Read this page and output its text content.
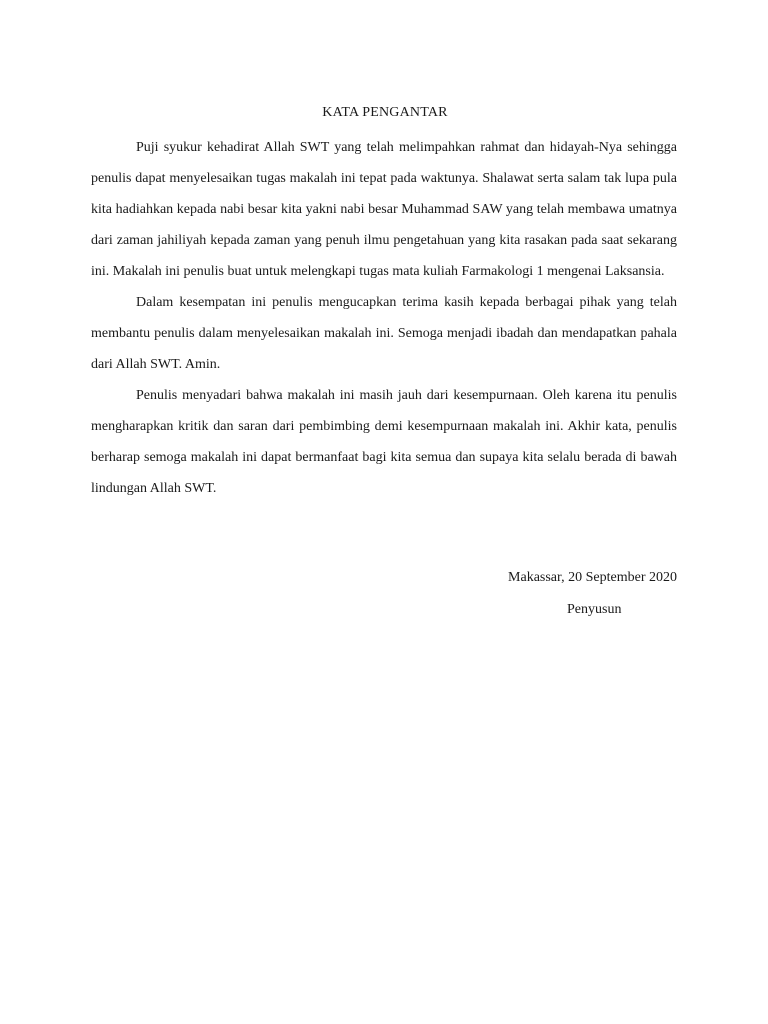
KATA PENGANTAR

Puji syukur kehadirat Allah SWT yang telah melimpahkan rahmat dan hidayah-Nya sehingga penulis dapat menyelesaikan tugas makalah ini tepat pada waktunya. Shalawat serta salam tak lupa pula kita hadiahkan kepada nabi besar kita yakni nabi besar Muhammad SAW yang telah membawa umatnya dari zaman jahiliyah kepada zaman yang penuh ilmu pengetahuan yang kita rasakan pada saat sekarang ini. Makalah ini penulis buat untuk melengkapi tugas mata kuliah Farmakologi 1 mengenai Laksansia.

Dalam kesempatan ini penulis mengucapkan terima kasih kepada berbagai pihak yang telah membantu penulis dalam menyelesaikan makalah ini. Semoga menjadi ibadah dan mendapatkan pahala dari Allah SWT. Amin.

Penulis menyadari bahwa makalah ini masih jauh dari kesempurnaan. Oleh karena itu penulis mengharapkan kritik dan saran dari pembimbing demi kesempurnaan makalah ini. Akhir kata, penulis berharap semoga makalah ini dapat bermanfaat bagi kita semua dan supaya kita selalu berada di bawah lindungan Allah SWT.

Makassar, 20 September 2020
Penyusun
